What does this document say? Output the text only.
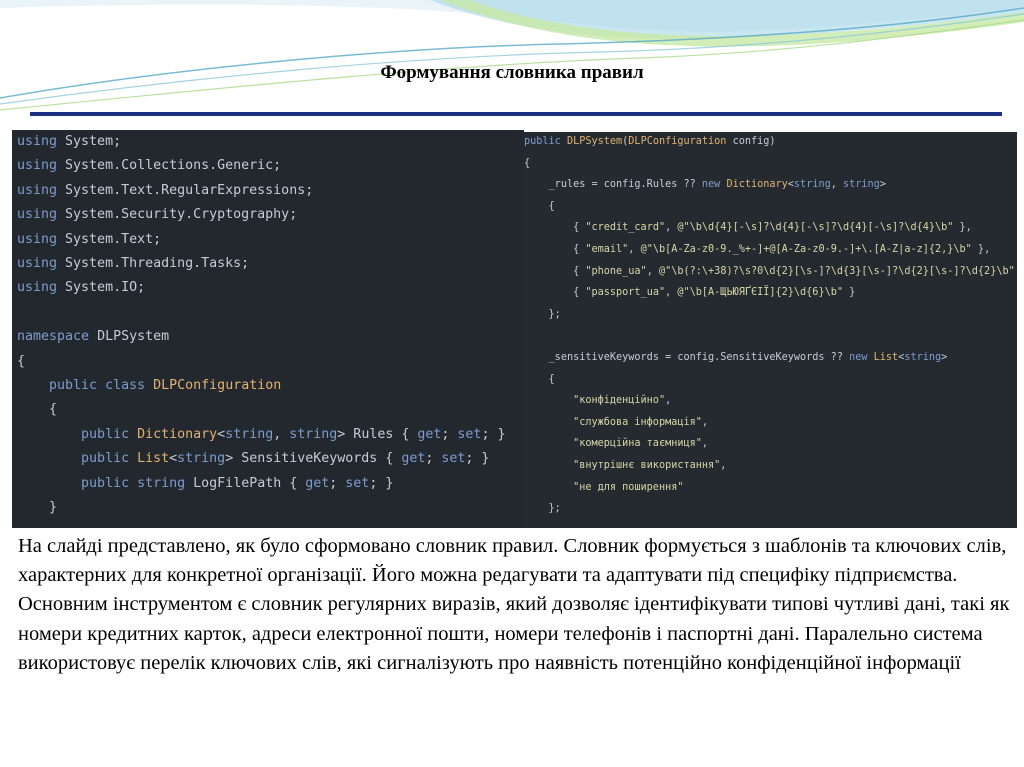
Формування словника правил
using System;
using System.Collections.Generic;
using System.Text.RegularExpressions;
using System.Security.Cryptography;
using System.Text;
using System.Threading.Tasks;
using System.IO;
namespace DLPSystem
{
public class DLPConfiguration
{
public Dictionary<string, string> Rules { get; set; }
public List<string> SensitiveKeywords { get; set; }
public string LogFilePath { get; set; }
}
public DLPSystem(DLPConfiguration config)
{
_rules = config.Rules ?? new Dictionary<string, string>
{
{ "credit_card", @"\b\d{4}[-\s]?\d{4}[-\s]?\d{4}[-\s]?\d{4}\b" },
{ "email", @"\b[A-Za-z0-9._%+-]+@[A-Za-z0-9.-]+\.[A-Z|a-z]{2,}\b" },
{ "phone_ua", @"\b(?:\+38)?\s?0\d{2}[\s-]?\d{3}[\s-]?\d{2}[\s-]?\d{2}\b"
{ "passport_ua", @"\b[А-ЩЬЮЯҐЄІЇ]{2}\d{6}\b" }
};
_sensitiveKeywords = config.SensitiveKeywords ?? new List<string>
{
"конфіденційно",
"службова інформація",
"комерційна таємниця",
"внутрішнє використання",
"не для поширення"
};

На слайді представлено, як було сформовано словник правил. Словник формується з шаблонів та ключових слів, характерних для конкретної організації. Його можна редагувати та адаптувати під специфіку підприємства.

Основним інструментом є словник регулярних виразів, який дозволяє ідентифікувати типові чутливі дані, такі як номери кредитних карток, адреси електронної пошти, номери телефонів і паспортні дані. Паралельно система використовує перелік ключових слів, які сигналізують про наявність потенційно конфіденційної інформації
